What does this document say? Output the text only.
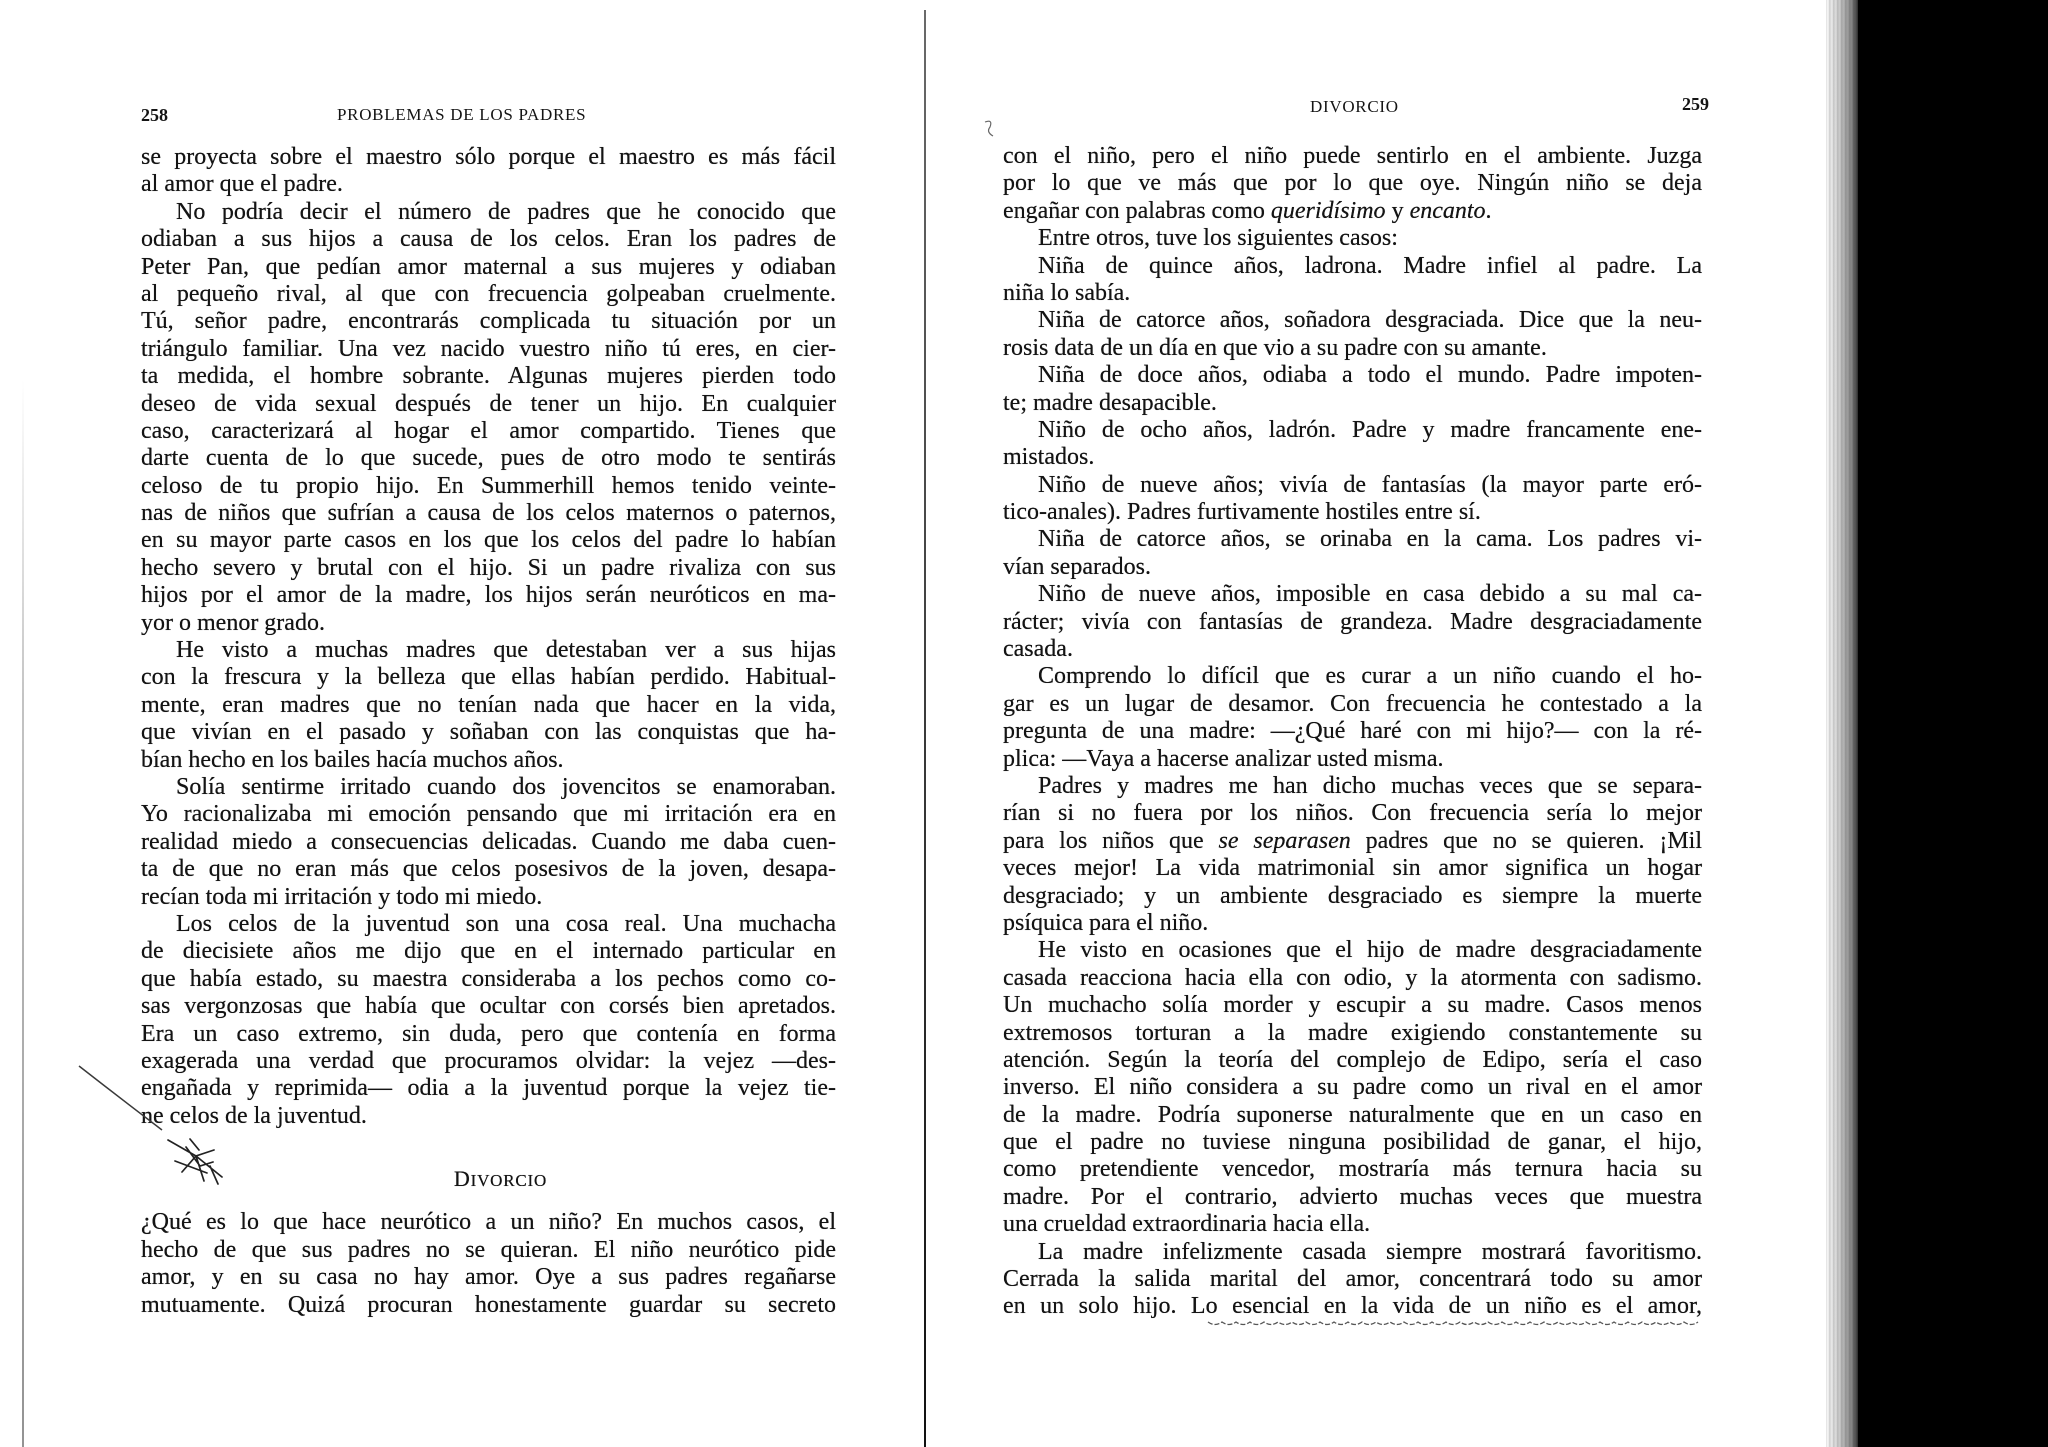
258	PROBLEMAS DE LOS PADRES
se proyecta sobre el maestro sólo porque el maestro es más fácil
al amor que el padre.
No podría decir el número de padres que he conocido que
odiaban a sus hijos a causa de los celos. Eran los padres de
Peter Pan, que pedían amor maternal a sus mujeres y odiaban
al pequeño rival, al que con frecuencia golpeaban cruelmente.
Tú, señor padre, encontrarás complicada tu situación por un
triángulo familiar. Una vez nacido vuestro niño tú eres, en cier-
ta medida, el hombre sobrante. Algunas mujeres pierden todo
deseo de vida sexual después de tener un hijo. En cualquier
caso, caracterizará al hogar el amor compartido. Tienes que
darte cuenta de lo que sucede, pues de otro modo te sentirás
celoso de tu propio hijo. En Summerhill hemos tenido veinte-
nas de niños que sufrían a causa de los celos maternos o paternos,
en su mayor parte casos en los que los celos del padre lo habían
hecho severo y brutal con el hijo. Si un padre rivaliza con sus
hijos por el amor de la madre, los hijos serán neuróticos en ma-
yor o menor grado.
He visto a muchas madres que detestaban ver a sus hijas
con la frescura y la belleza que ellas habían perdido. Habitual-
mente, eran madres que no tenían nada que hacer en la vida,
que vivían en el pasado y soñaban con las conquistas que ha-
bían hecho en los bailes hacía muchos años.
Solía sentirme irritado cuando dos jovencitos se enamoraban.
Yo racionalizaba mi emoción pensando que mi irritación era en
realidad miedo a consecuencias delicadas. Cuando me daba cuen-
ta de que no eran más que celos posesivos de la joven, desapa-
recían toda mi irritación y todo mi miedo.
Los celos de la juventud son una cosa real. Una muchacha
de diecisiete años me dijo que en el internado particular en
que había estado, su maestra consideraba a los pechos como co-
sas vergonzosas que había que ocultar con corsés bien apretados.
Era un caso extremo, sin duda, pero que contenía en forma
exagerada una verdad que procuramos olvidar: la vejez —des-
engañada y reprimida— odia a la juventud porque la vejez tie-
ne celos de la juventud.
DIVORCIO
¿Qué es lo que hace neurótico a un niño? En muchos casos, el
hecho de que sus padres no se quieran. El niño neurótico pide
amor, y en su casa no hay amor. Oye a sus padres regañarse
mutuamente. Quizá procuran honestamente guardar su secreto
DIVORCIO	259
con el niño, pero el niño puede sentirlo en el ambiente. Juzga
por lo que ve más que por lo que oye. Ningún niño se deja
engañar con palabras como queridísimo y encanto.
Entre otros, tuve los siguientes casos:
Niña de quince años, ladrona. Madre infiel al padre. La
niña lo sabía.
Niña de catorce años, soñadora desgraciada. Dice que la neu-
rosis data de un día en que vio a su padre con su amante.
Niña de doce años, odiaba a todo el mundo. Padre impoten-
te; madre desapacible.
Niño de ocho años, ladrón. Padre y madre francamente ene-
mistados.
Niño de nueve años; vivía de fantasías (la mayor parte eró-
tico-anales). Padres furtivamente hostiles entre sí.
Niña de catorce años, se orinaba en la cama. Los padres vi-
vían separados.
Niño de nueve años, imposible en casa debido a su mal ca-
rácter; vivía con fantasías de grandeza. Madre desgraciadamente
casada.
Comprendo lo difícil que es curar a un niño cuando el ho-
gar es un lugar de desamor. Con frecuencia he contestado a la
pregunta de una madre: —¿Qué haré con mi hijo?— con la ré-
plica: —Vaya a hacerse analizar usted misma.
Padres y madres me han dicho muchas veces que se separa-
rían si no fuera por los niños. Con frecuencia sería lo mejor
para los niños que se separasen padres que no se quieren. ¡Mil
veces mejor! La vida matrimonial sin amor significa un hogar
desgraciado; y un ambiente desgraciado es siempre la muerte
psíquica para el niño.
He visto en ocasiones que el hijo de madre desgraciadamente
casada reacciona hacia ella con odio, y la atormenta con sadismo.
Un muchacho solía morder y escupir a su madre. Casos menos
extremosos torturan a la madre exigiendo constantemente su
atención. Según la teoría del complejo de Edipo, sería el caso
inverso. El niño considera a su padre como un rival en el amor
de la madre. Podría suponerse naturalmente que en un caso en
que el padre no tuviese ninguna posibilidad de ganar, el hijo,
como pretendiente vencedor, mostraría más ternura hacia su
madre. Por el contrario, advierto muchas veces que muestra
una crueldad extraordinaria hacia ella.
La madre infelizmente casada siempre mostrará favoritismo.
Cerrada la salida marital del amor, concentrará todo su amor
en un solo hijo. Lo esencial en la vida de un niño es el amor,
